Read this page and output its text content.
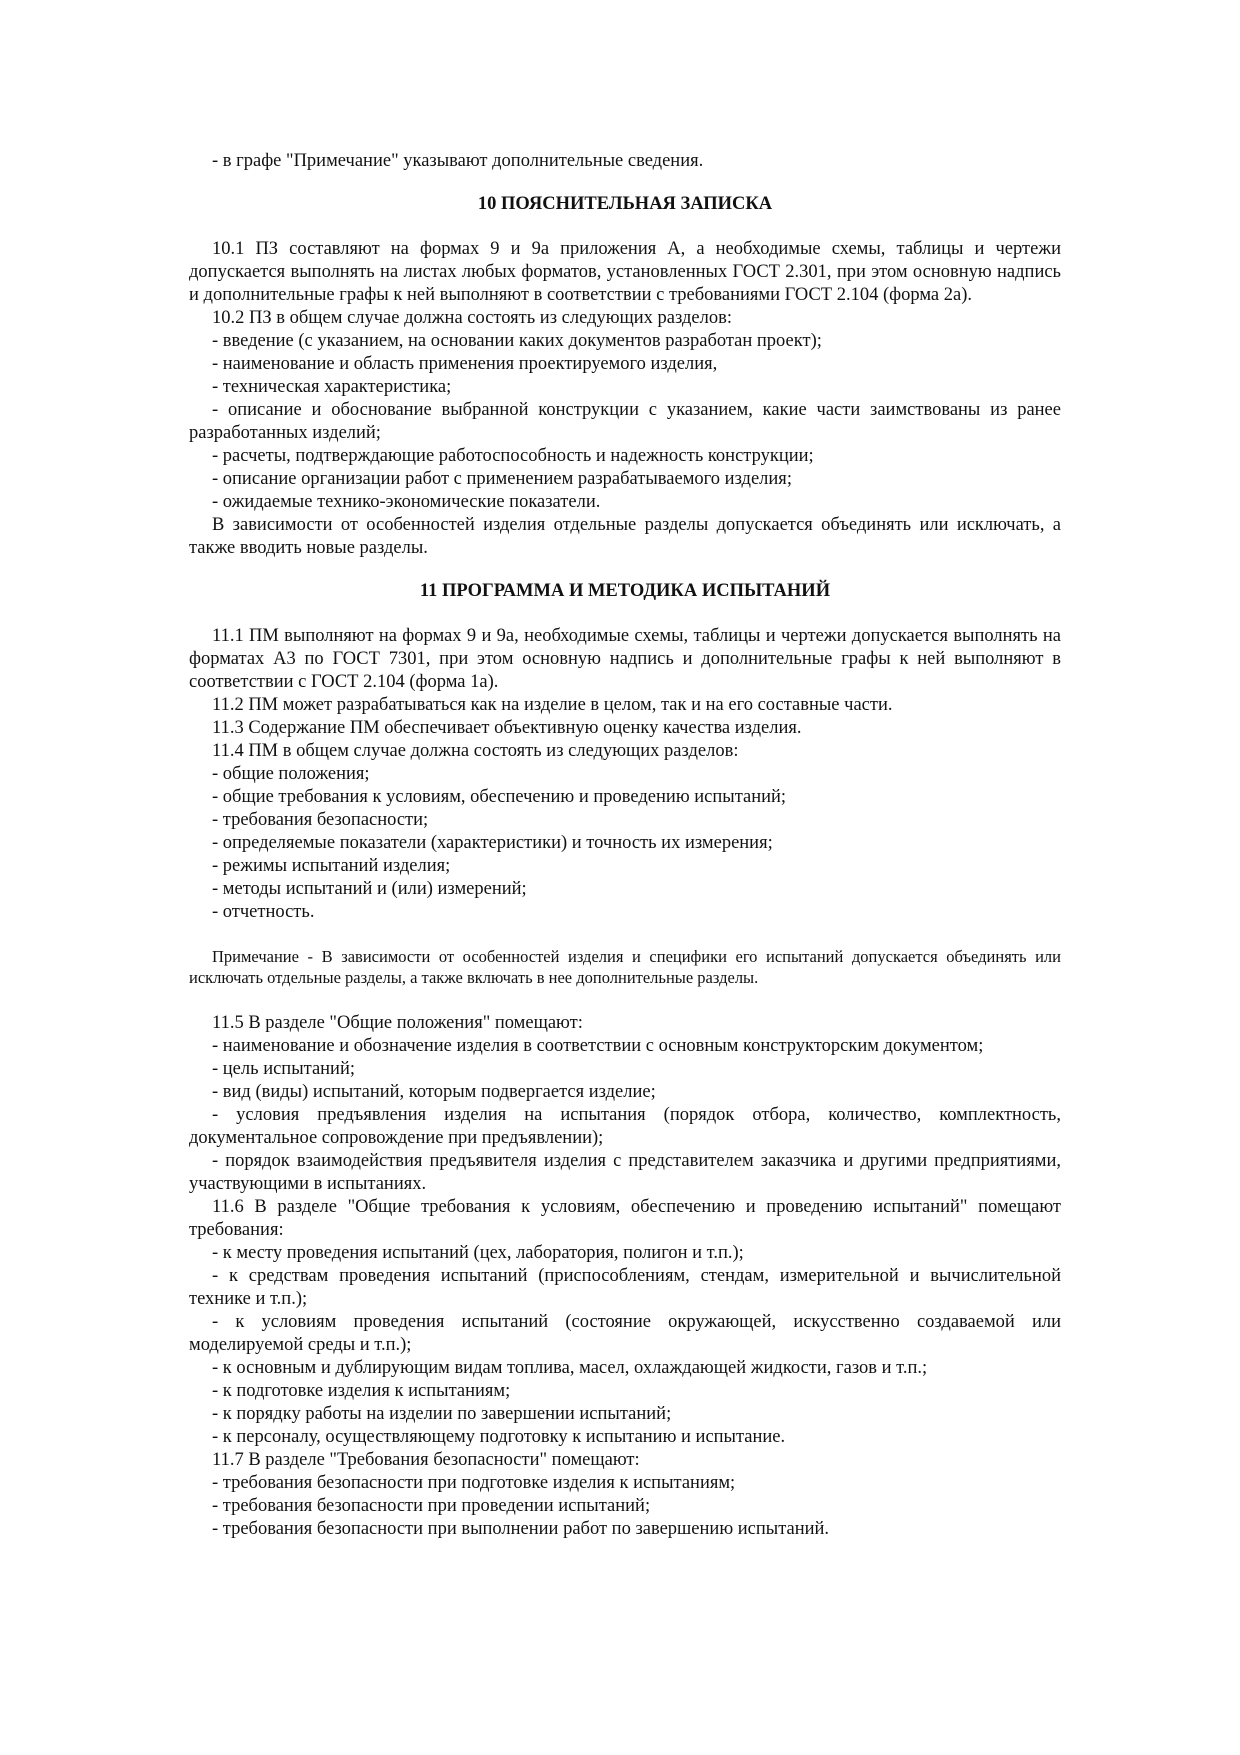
- в графе "Примечание" указывают дополнительные сведения.

10 ПОЯСНИТЕЛЬНАЯ ЗАПИСКА

10.1 ПЗ составляют на формах 9 и 9а приложения А, а необходимые схемы, таблицы и чертежи допускается выполнять на листах любых форматов, установленных ГОСТ 2.301, при этом основную надпись и дополнительные графы к ней выполняют в соответствии с требованиями ГОСТ 2.104 (форма 2а).

10.2 ПЗ в общем случае должна состоять из следующих разделов:

- введение (с указанием, на основании каких документов разработан проект);

- наименование и область применения проектируемого изделия,

- техническая характеристика;

- описание и обоснование выбранной конструкции с указанием, какие части заимствованы из ранее разработанных изделий;

- расчеты, подтверждающие работоспособность и надежность конструкции;

- описание организации работ с применением разрабатываемого изделия;

- ожидаемые технико-экономические показатели.

В зависимости от особенностей изделия отдельные разделы допускается объединять или исключать, а также вводить новые разделы.

11 ПРОГРАММА И МЕТОДИКА ИСПЫТАНИЙ

11.1 ПМ выполняют на формах 9 и 9а, необходимые схемы, таблицы и чертежи допускается выполнять на форматах А3 по ГОСТ 7301, при этом основную надпись и дополнительные графы к ней выполняют в соответствии с ГОСТ 2.104 (форма 1а).

11.2 ПМ может разрабатываться как на изделие в целом, так и на его составные части.

11.3 Содержание ПМ обеспечивает объективную оценку качества изделия.

11.4 ПМ в общем случае должна состоять из следующих разделов:

- общие положения;

- общие требования к условиям, обеспечению и проведению испытаний;

- требования безопасности;

- определяемые показатели (характеристики) и точность их измерения;

- режимы испытаний изделия;

- методы испытаний и (или) измерений;

- отчетность.

Примечание - В зависимости от особенностей изделия и специфики его испытаний допускается объединять или исключать отдельные разделы, а также включать в нее дополнительные разделы.

11.5 В разделе "Общие положения" помещают:

- наименование и обозначение изделия в соответствии с основным конструкторским документом;

- цель испытаний;

- вид (виды) испытаний, которым подвергается изделие;

- условия предъявления изделия на испытания (порядок отбора, количество, комплектность, документальное сопровождение при предъявлении);

- порядок взаимодействия предъявителя изделия с представителем заказчика и другими предприятиями, участвующими в испытаниях.

11.6 В разделе "Общие требования к условиям, обеспечению и проведению испытаний" помещают требования:

- к месту проведения испытаний (цех, лаборатория, полигон и т.п.);

- к средствам проведения испытаний (приспособлениям, стендам, измерительной и вычислительной технике и т.п.);

- к условиям проведения испытаний (состояние окружающей, искусственно создаваемой или моделируемой среды и т.п.);

- к основным и дублирующим видам топлива, масел, охлаждающей жидкости, газов и т.п.;

- к подготовке изделия к испытаниям;

- к порядку работы на изделии по завершении испытаний;

- к персоналу, осуществляющему подготовку к испытанию и испытание.

11.7 В разделе "Требования безопасности" помещают:

- требования безопасности при подготовке изделия к испытаниям;

- требования безопасности при проведении испытаний;

- требования безопасности при выполнении работ по завершению испытаний.
